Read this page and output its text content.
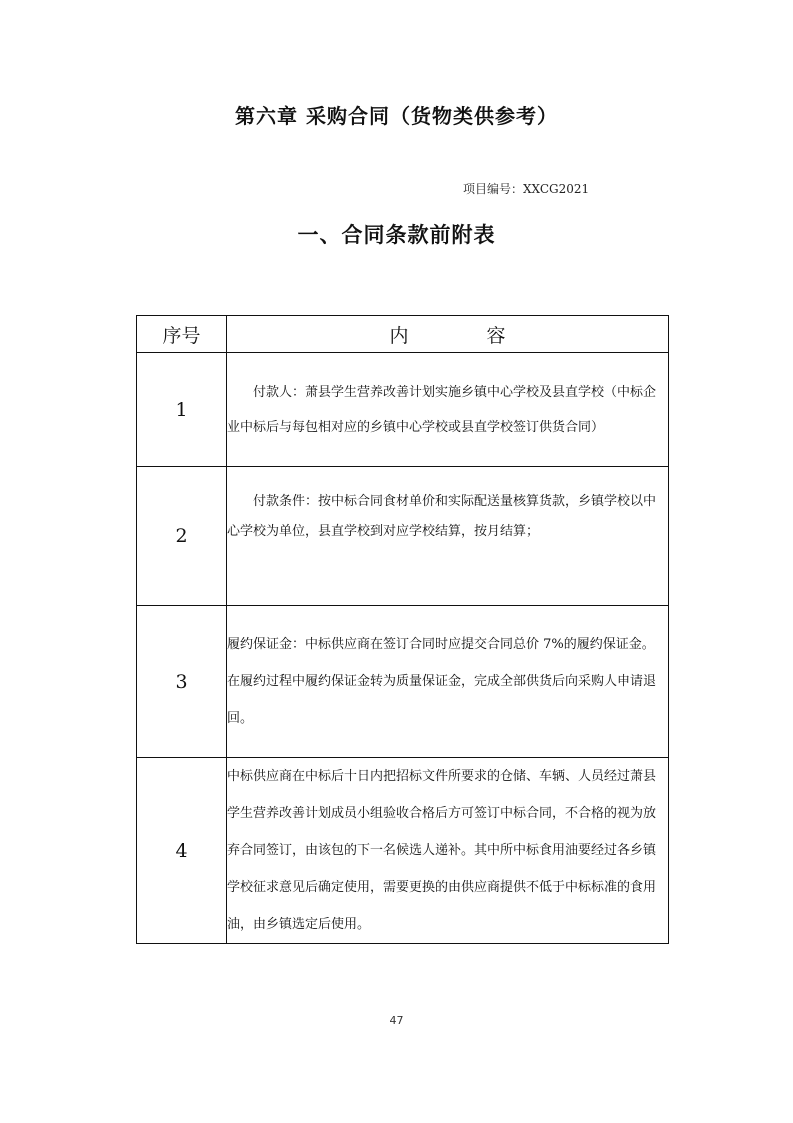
第六章 采购合同（货物类供参考）
项目编号：XXCG2021
一、合同条款前附表
序号	内 容
1	付款人：萧县学生营养改善计划实施乡镇中心学校及县直学校（中标企业中标后与每包相对应的乡镇中心学校或县直学校签订供货合同）

2	付款条件：按中标合同食材单价和实际配送量核算货款，乡镇学校以中心学校为单位，县直学校到对应学校结算，按月结算；

3	履约保证金：中标供应商在签订合同时应提交合同总价 7%的履约保证金。

在履约过程中履约保证金转为质量保证金，完成全部供货后向采购人申请退回。

4	中标供应商在中标后十日内把招标文件所要求的仓储、车辆、人员经过萧县学生营养改善计划成员小组验收合格后方可签订中标合同，不合格的视为放弃合同签订，由该包的下一名候选人递补。其中所中标食用油要经过各乡镇学校征求意见后确定使用，需要更换的由供应商提供不低于中标标准的食用油，由乡镇选定后使用。

47
